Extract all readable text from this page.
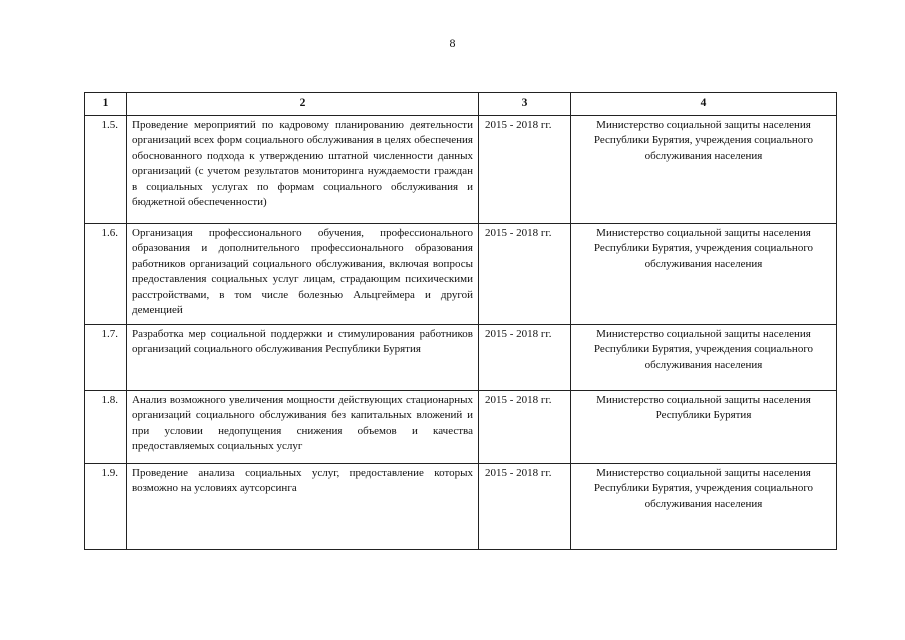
8
1	2	3	4
1.5.	Проведение мероприятий по кадровому планированию деятельности организаций всех форм социального обслуживания в целях обеспечения обоснованного подхода к утверждению штатной численности данных организаций (с учетом результатов мониторинга нуждаемости граждан в социальных услугах по формам социального обслуживания и бюджетной обеспеченности)	2015 - 2018 гг.	Министерство социальной защиты населения Республики Бурятия, учреждения социального обслуживания населения
1.6.	Организация профессионального обучения, профессионального образования и дополнительного профессионального образования работников организаций социального обслуживания, включая вопросы предоставления социальных услуг лицам, страдающим психическими расстройствами, в том числе болезнью Альцгеймера и другой деменцией	2015 - 2018 гг.	Министерство социальной защиты населения Республики Бурятия, учреждения социального обслуживания населения
1.7.	Разработка мер социальной поддержки и стимулирования работников организаций социального обслуживания Республики Бурятия	2015 - 2018 гг.	Министерство социальной защиты населения Республики Бурятия, учреждения социального обслуживания населения
1.8.	Анализ возможного увеличения мощности действующих стационарных организаций социального обслуживания без капитальных вложений и при условии недопущения снижения объемов и качества предоставляемых социальных услуг	2015 - 2018 гг.	Министерство социальной защиты населения Республики Бурятия
1.9.	Проведение анализа социальных услуг, предоставление которых возможно на условиях аутсорсинга	2015 - 2018 гг.	Министерство социальной защиты населения Республики Бурятия, учреждения социального обслуживания населения
